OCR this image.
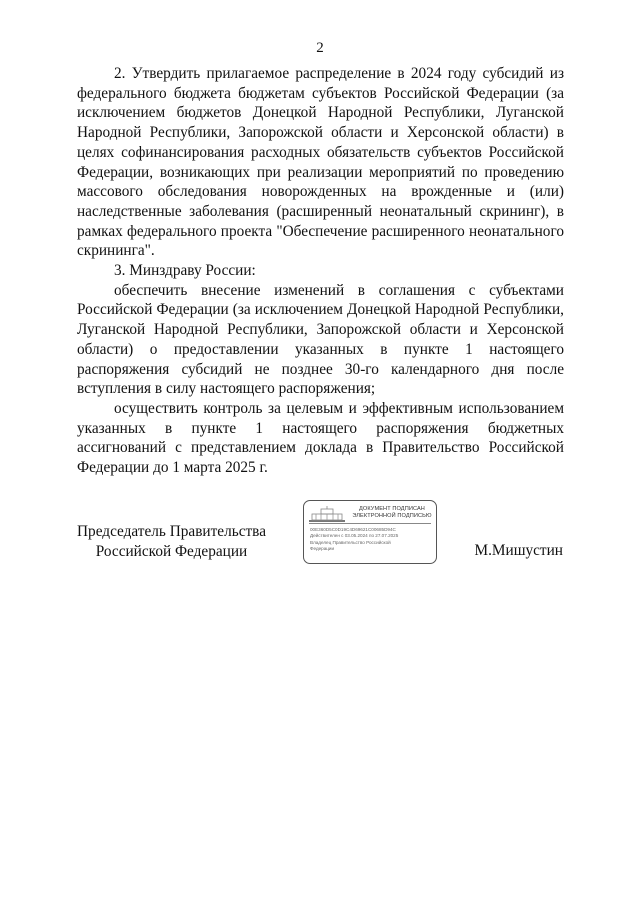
2

2. Утвердить прилагаемое распределение в 2024 году субсидий из федерального бюджета бюджетам субъектов Российской Федерации (за исключением бюджетов Донецкой Народной Республики, Луганской Народной Республики, Запорожской области и Херсонской области) в целях софинансирования расходных обязательств субъектов Российской Федерации, возникающих при реализации мероприятий по проведению массового обследования новорожденных на врожденные и (или) наследственные заболевания (расширенный неонатальный скрининг), в рамках федерального проекта "Обеспечение расширенного неонатального скрининга".

3. Минздраву России:

обеспечить внесение изменений в соглашения с субъектами Российской Федерации (за исключением Донецкой Народной Республики, Луганской Народной Республики, Запорожской области и Херсонской области) о предоставлении указанных в пункте 1 настоящего распоряжения субсидий не позднее 30-го календарного дня после вступления в силу настоящего распоряжения;

осуществить контроль за целевым и эффективным использованием указанных в пункте 1 настоящего распоряжения бюджетных ассигнований с представлением доклада в Правительство Российской Федерации до 1 марта 2025 г.

Председатель Правительства
Российской Федерации
ДОКУМЕНТ ПОДПИСАН
ЭЛЕКТРОННОЙ ПОДПИСЬЮ
00E360D5C0D19C4D69621C00685D94C
Действителен с 03.05.2024 по 27.07.2025
Владелец Правительство Российской
Федерации	М.Мишустин
